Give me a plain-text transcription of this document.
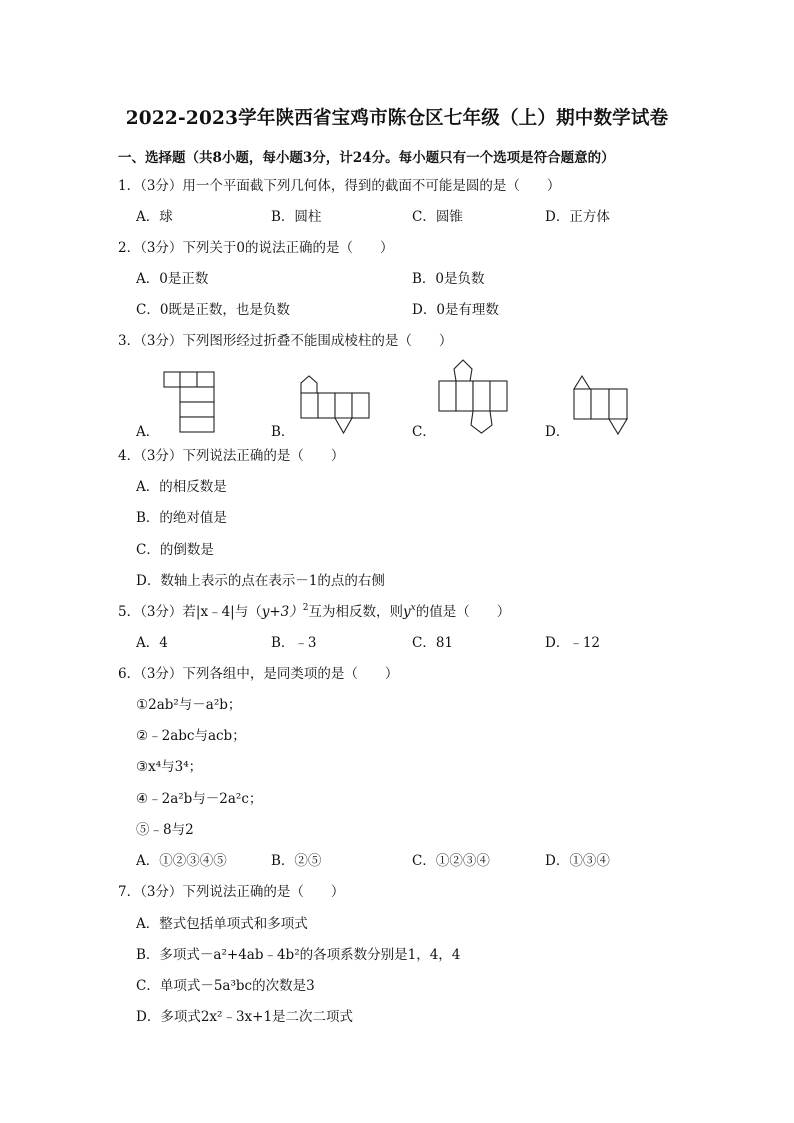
2022-2023学年陕西省宝鸡市陈仓区七年级（上）期中数学试卷
一、选择题（共8小题，每小题3分，计24分。每小题只有一个选项是符合题意的）
1．（3分）用一个平面截下列几何体，得到的截面不可能是圆的是（　　）
A．球	B．圆柱	C．圆锥	D．正方体
2．（3分）下列关于0的说法正确的是（　　）
A．0是正数	B．0是负数
C．0既是正数，也是负数	D．0是有理数
3．（3分）下列图形经过折叠不能围成棱柱的是（　　）
A．	B．	C．	D．
4．（3分）下列说法正确的是（　　）
A．的相反数是
B．的绝对值是
C．的倒数是
D．数轴上表示的点在表示－1的点的右侧
5．（3分）若|x﹣4|与$(y+3)^2$互为相反数，则$y^x$的值是（　　）
A．4	B．﹣3	C．81	D．﹣12
6．（3分）下列各组中，是同类项的是（　　）
①2ab²与－a²b；
②﹣2abc与acb；
③x⁴与3⁴；
④﹣2a²b与－2a²c；
⑤﹣8与2
A．①②③④⑤	B．②⑤	C．①②③④	D．①③④
7．（3分）下列说法正确的是（　　）
A．整式包括单项式和多项式
B．多项式－a²+4ab﹣4b²的各项系数分别是1，4，4
C．单项式－5a³bc的次数是3
D．多项式2x²﹣3x+1是二次二项式
